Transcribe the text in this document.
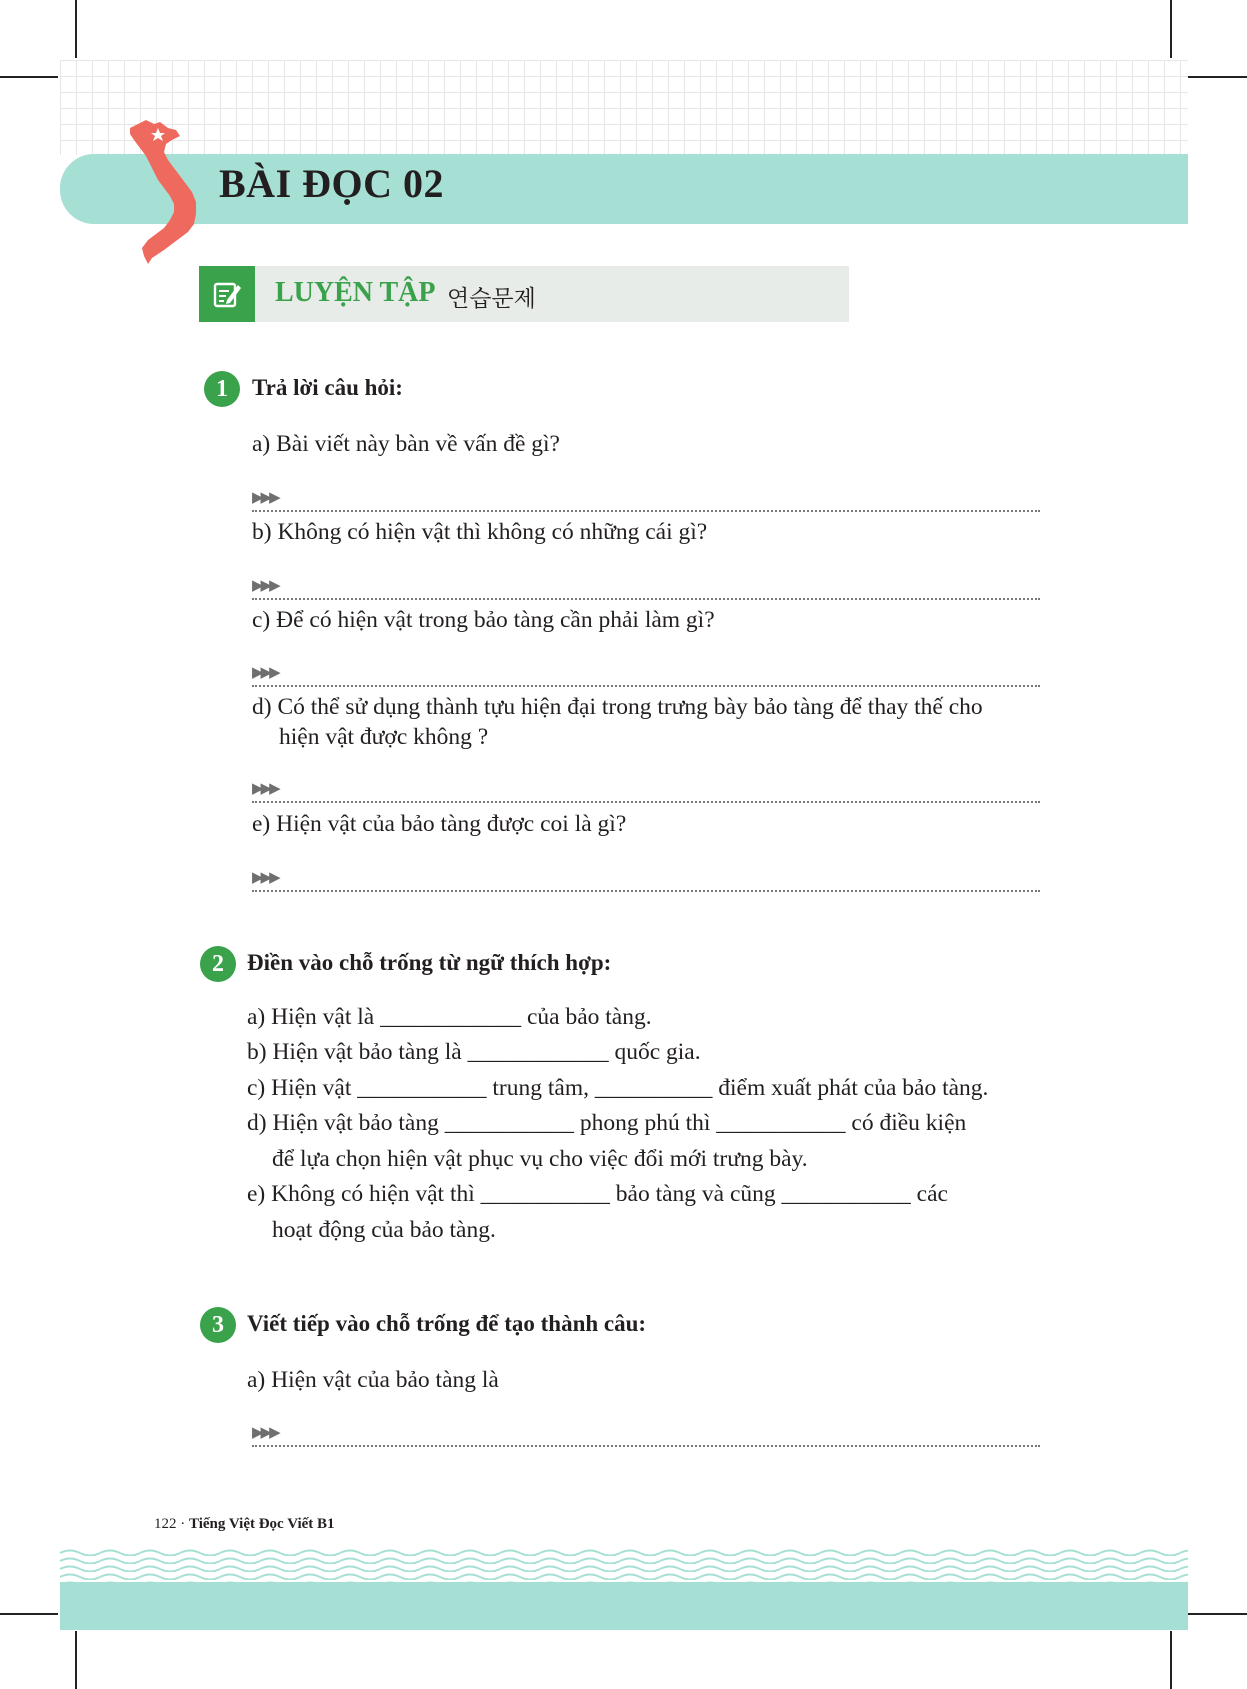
BÀI ĐỌC 02
LUYỆN TẬP 연습문제
1	Trả lời câu hỏi:

a) Bài viết này bàn về vấn đề gì?

▶▶▶

b) Không có hiện vật thì không có những cái gì?

▶▶▶

c) Để có hiện vật trong bảo tàng cần phải làm gì?

▶▶▶

d) Có thể sử dụng thành tựu hiện đại trong trưng bày bảo tàng để thay thế cho
hiện vật được không ?

▶▶▶

e) Hiện vật của bảo tàng được coi là gì?

▶▶▶
2	Điền vào chỗ trống từ ngữ thích hợp:

a) Hiện vật là ____________ của bảo tàng.

b) Hiện vật bảo tàng là ____________ quốc gia.

c) Hiện vật ___________ trung tâm, __________ điểm xuất phát của bảo tàng.

d) Hiện vật bảo tàng ___________ phong phú thì ___________ có điều kiện

để lựa chọn hiện vật phục vụ cho việc đổi mới trưng bày.

e) Không có hiện vật thì ___________ bảo tàng và cũng ___________ các

hoạt động của bảo tàng.

3	Viết tiếp vào chỗ trống để tạo thành câu:

a) Hiện vật của bảo tàng là

▶▶▶
122 · Tiếng Việt Đọc Viết B1
